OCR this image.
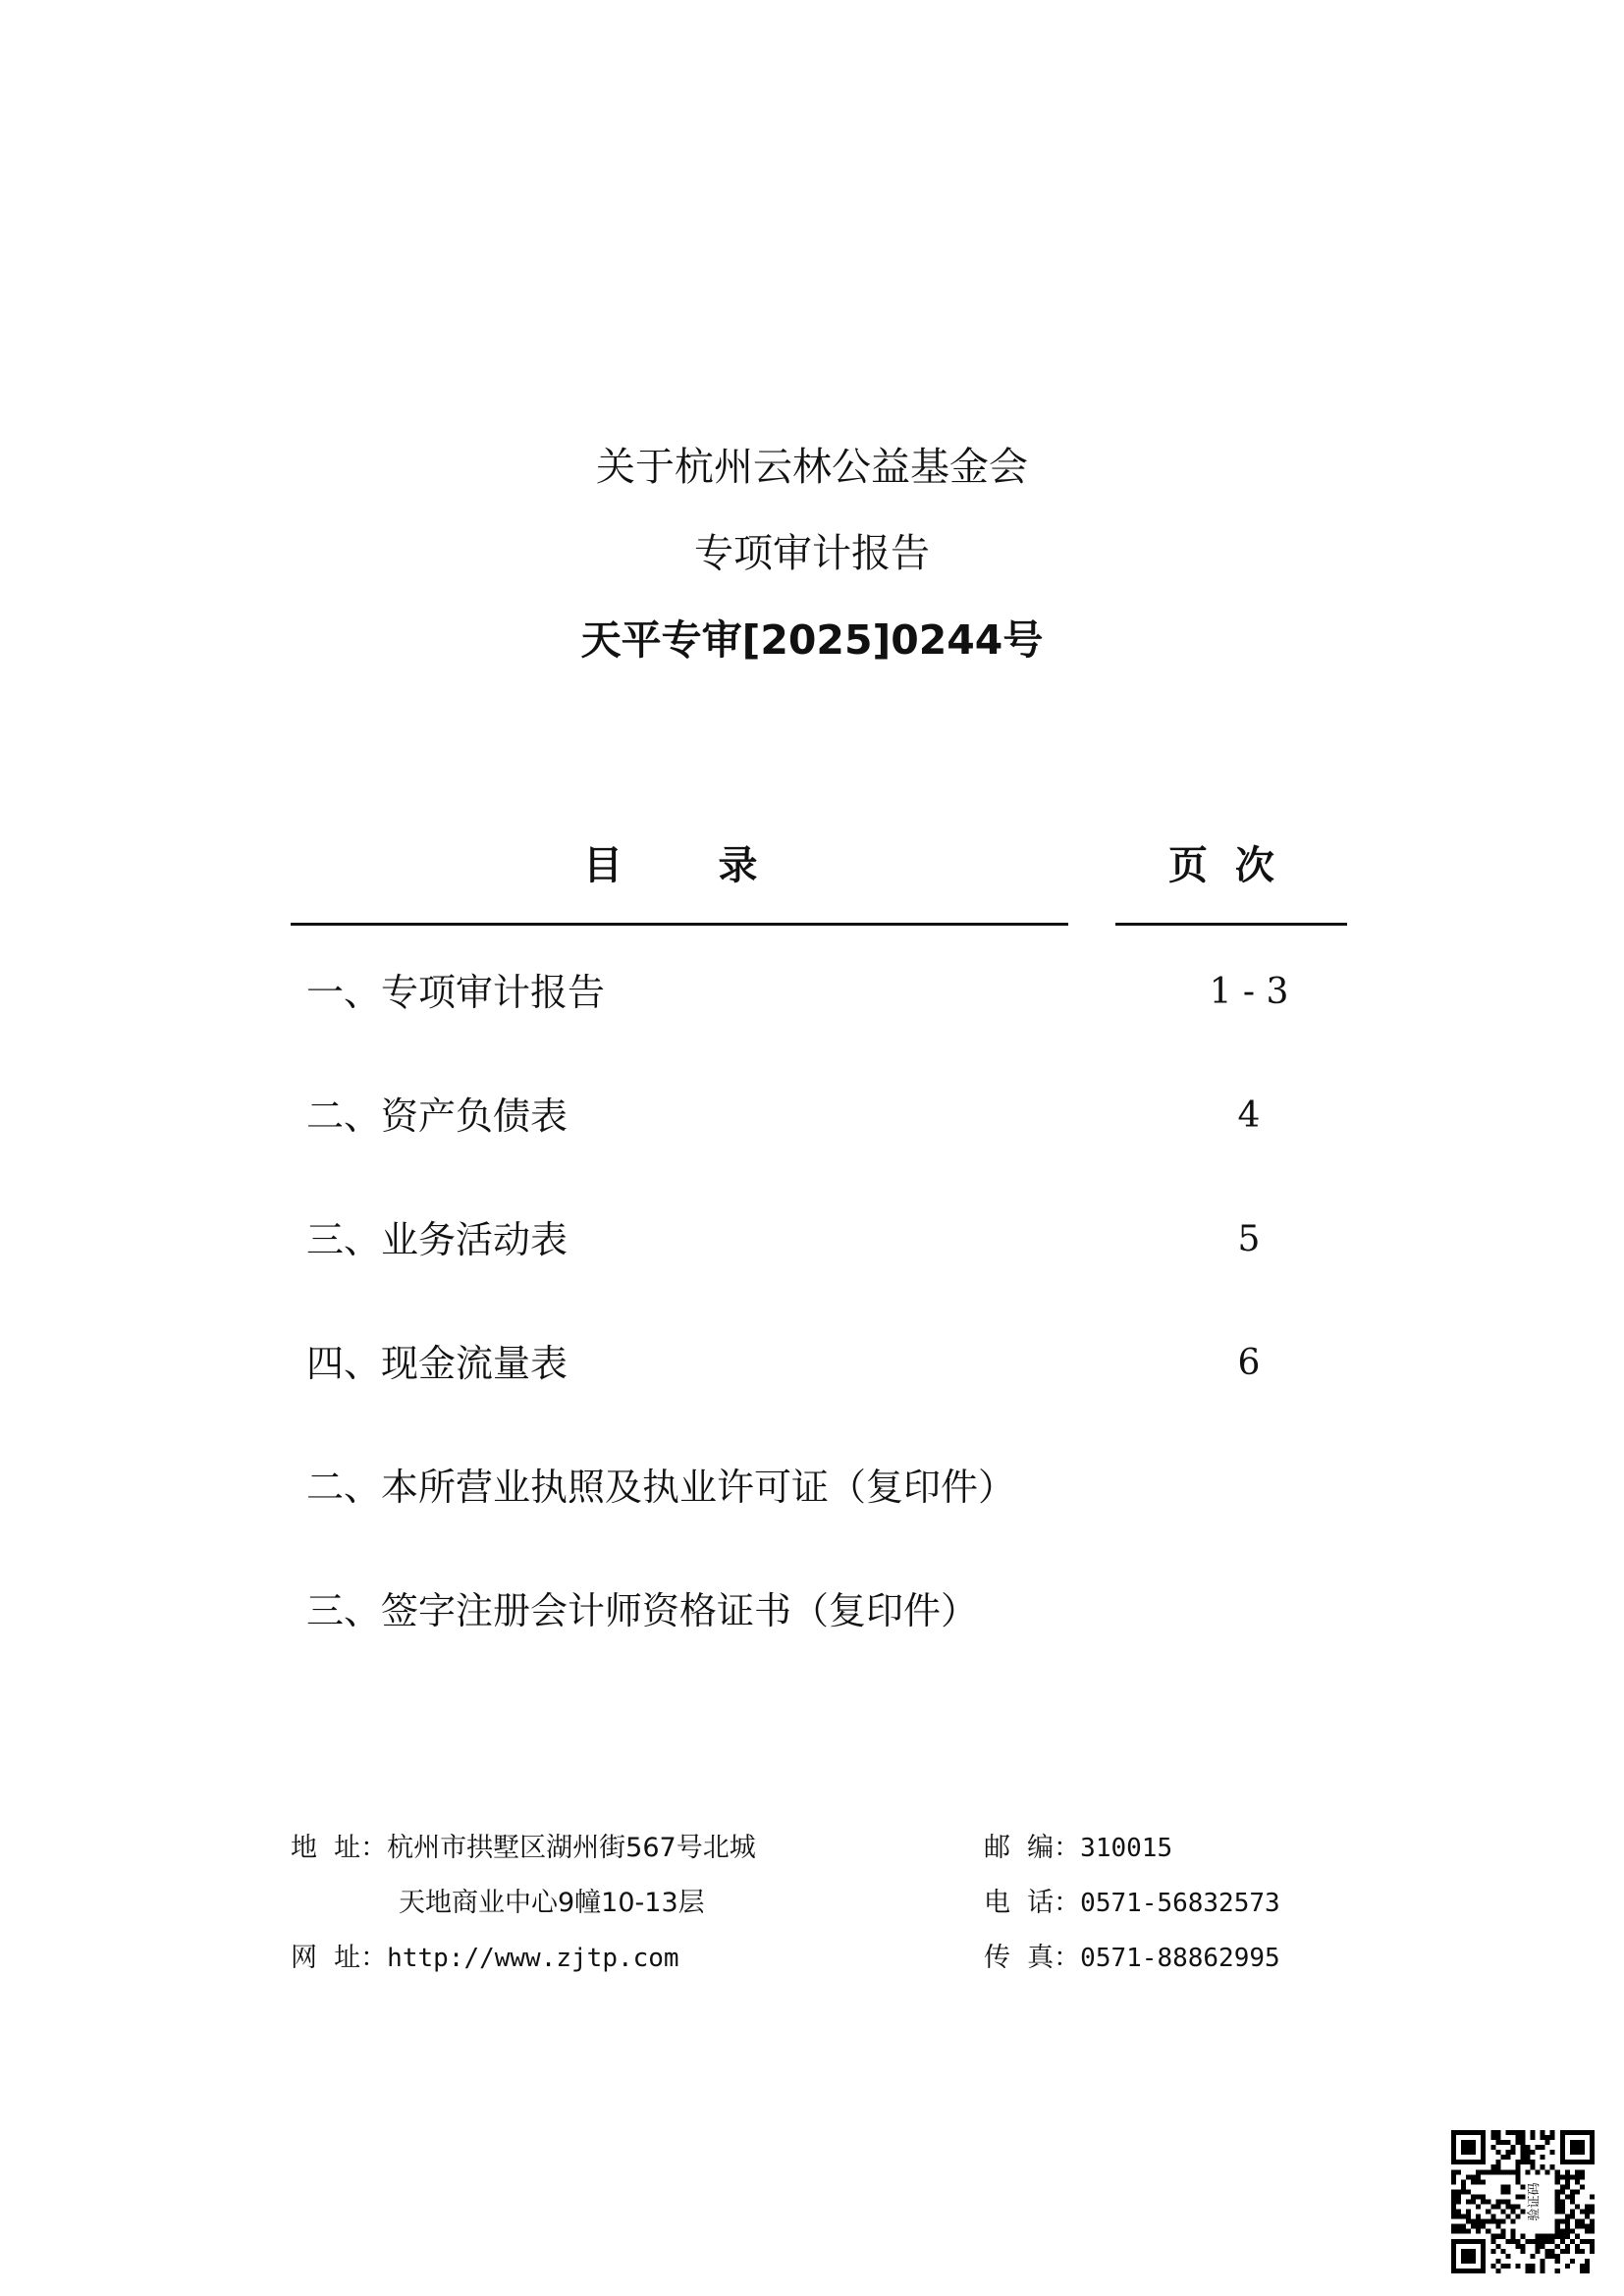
关于杭州云林公益基金会
专项审计报告
天平专审[2025]0244号
目      录	页  次
一、专项审计报告	1 - 3
二、资产负债表	4
三、业务活动表	5
四、现金流量表	6
二、本所营业执照及执业许可证（复印件）
三、签字注册会计师资格证书（复印件）
地  址：杭州市拱墅区湖州街567号北城
天地商业中心9幢10-13层
网  址：http://www.zjtp.com
邮  编：310015
电  话：0571-56832573
传  真：0571-88862995
验证码
